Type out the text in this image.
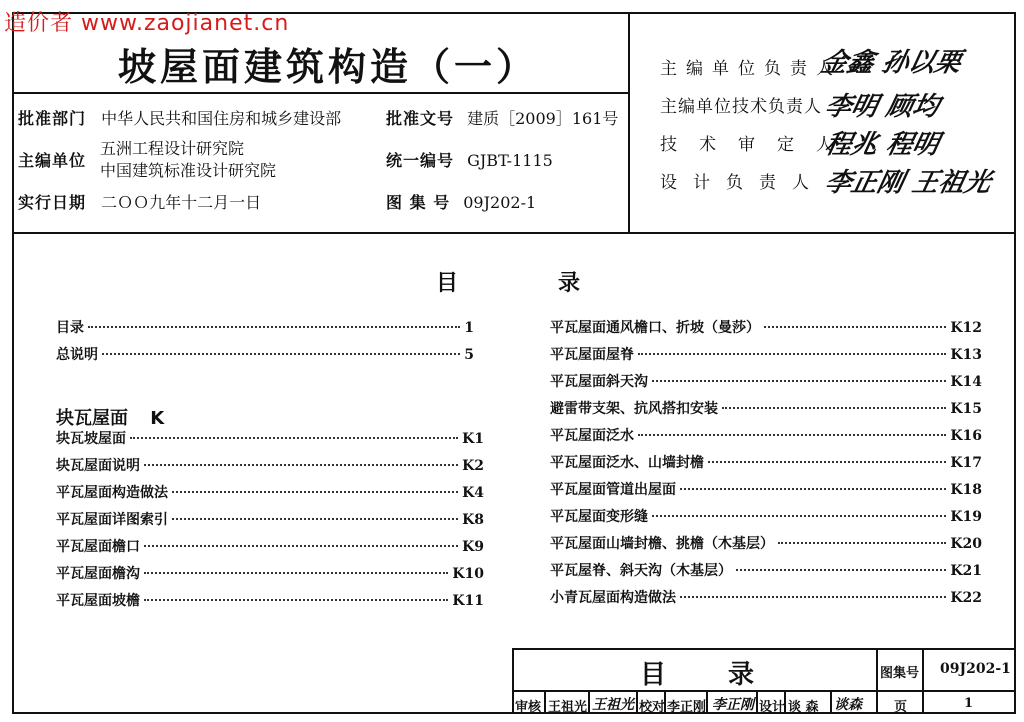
造价者 www.zaojianet.cn
坡屋面建筑构造（一）
批准部门 中华人民共和国住房和城乡建设部	批准文号 建质［2009］161号
主编单位
五洲工程设计研究院
中国建筑标准设计研究院
统一编号 GJBT-1115
实行日期 二ＯＯ九年十二月一日	图 集 号 09J202-1
主编单位负责人
金鑫 孙以栗
主编单位技术负责人 李明 顾均
技术审定人
程兆 程明
设计负责人
李正刚 王祖光
目	录
目录	1
总说明	5
块瓦屋面 K
块瓦坡屋面	K1
块瓦屋面说明	K2
平瓦屋面构造做法	K4
平瓦屋面详图索引	K8
平瓦屋面檐口	K9
平瓦屋面檐沟	K10
平瓦屋面坡檐	K11
平瓦屋面通风檐口、折坡（曼莎）	K12
平瓦屋面屋脊	K13
平瓦屋面斜天沟	K14
避雷带支架、抗风搭扣安装	K15
平瓦屋面泛水	K16
平瓦屋面泛水、山墙封檐	K17
平瓦屋面管道出屋面	K18
平瓦屋面变形缝	K19
平瓦屋面山墙封檐、挑檐（木基层）	K20
平瓦屋脊、斜天沟（木基层）	K21
小青瓦屋面构造做法	K22
目 录	图集号 09J202-1
审核 王祖光 王祖光 校对 李正刚 李正刚 设计 谈 森 谈森 页	1
